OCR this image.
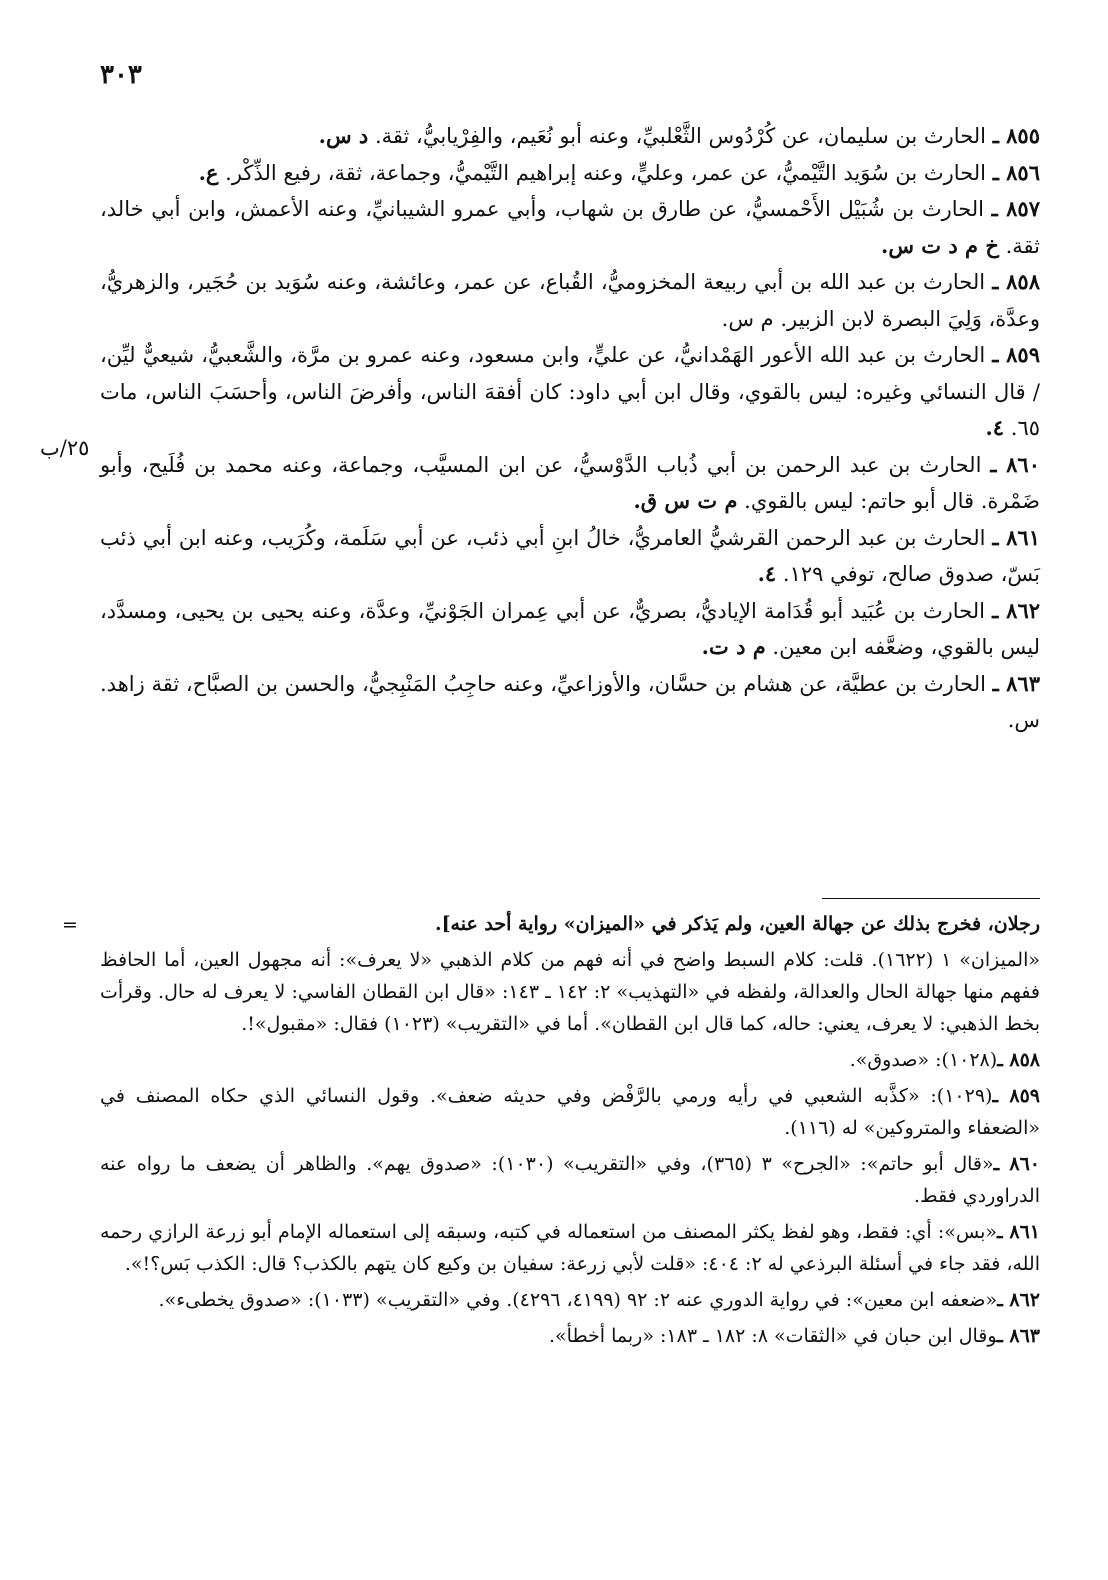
٣٠٣

٨٥٥ ـ الحارث بن سليمان، عن كُرْدُوس الثَّعْلبيِّ، وعنه أبو نُعَيم، والفِرْيابيُّ، ثقة. د س.

٨٥٦ ـ الحارث بن سُوَيد التَّيْميُّ، عن عمر، وعليٍّ، وعنه إبراهيم التَّيْميُّ، وجماعة، ثقة، رفيع الذِّكْر. ع.

٨٥٧ ـ الحارث بن شُبَيْل الأَحْمسيُّ، عن طارق بن شهاب، وأبي عمرو الشيبانيِّ، وعنه الأعمش، وابن أبي خالد، ثقة. خ م د ت س.

٨٥٨ ـ الحارث بن عبد الله بن أبي ربيعة المخزوميُّ، القُباع، عن عمر، وعائشة، وعنه سُوَيد بن حُجَير، والزهريُّ، وعدَّة، وَلِيَ البصرة لابن الزبير. م س.

٨٥٩ ـ الحارث بن عبد الله الأعور الهَمْدانيُّ، عن عليٍّ، وابن مسعود، وعنه عمرو بن مرَّة، والشَّعبيُّ، شيعيٌّ ليِّن، / قال النسائي وغيره: ليس بالقوي، وقال ابن أبي داود: كان أفقهَ الناس، وأفرضَ الناس، وأحسَبَ الناس، مات ٦٥. ٤.

٨٦٠ ـ الحارث بن عبد الرحمن بن أبي ذُباب الدَّوْسيُّ، عن ابن المسيَّب، وجماعة، وعنه محمد بن فُلَيح، وأبو ضَمْرة. قال أبو حاتم: ليس بالقوي. م ت س ق.

٨٦١ ـ الحارث بن عبد الرحمن القرشيُّ العامريُّ، خالُ ابنِ أبي ذئب، عن أبي سَلَمة، وكُرَيب، وعنه ابن أبي ذئب بَسّ، صدوق صالح، توفي ١٢٩. ٤.

٨٦٢ ـ الحارث بن عُبَيد أبو قُدَامة الإياديُّ، بصريٌّ، عن أبي عِمران الجَوْنيِّ، وعدَّة، وعنه يحيى بن يحيى، ومسدَّد، ليس بالقوي، وضعَّفه ابن معين. م د ت.

٨٦٣ ـ الحارث بن عطيَّة، عن هشام بن حسَّان، والأوزاعيِّ، وعنه حاجِبُ المَنْبِجيُّ، والحسن بن الصبَّاح، ثقة زاهد. س.

٢٥/ب
=	رجلان، فخرج بذلك عن جهالة العين، ولم يَذكر في «الميزان» رواية أحد عنه].

«الميزان» ١ (١٦٢٢). قلت: كلام السبط واضح في أنه فهم من كلام الذهبي «لا يعرف»: أنه مجهول العين، أما الحافظ ففهم منها جهالة الحال والعدالة، ولفظه في «التهذيب» ٢: ١٤٢ ـ ١٤٣: «قال ابن القطان الفاسي: لا يعرف له حال. وقرأت بخط الذهبي: لا يعرف، يعني: حاله، كما قال ابن القطان». أما في «التقريب» (١٠٢٣) فقال: «مقبول»!.

٨٥٨ ـ(١٠٢٨): «صدوق».

٨٥٩ ـ(١٠٢٩): «كذَّبه الشعبي في رأيه ورمي بالرَّفْض وفي حديثه ضعف». وقول النسائي الذي حكاه المصنف في «الضعفاء والمتروكين» له (١١٦).

٨٦٠ ـ«قال أبو حاتم»: «الجرح» ٣ (٣٦٥)، وفي «التقريب» (١٠٣٠): «صدوق يهم». والظاهر أن يضعف ما رواه عنه الدراوردي فقط.

٨٦١ ـ«بس»: أي: فقط، وهو لفظ يكثر المصنف من استعماله في كتبه، وسبقه إلى استعماله الإمام أبو زرعة الرازي رحمه الله، فقد جاء في أسئلة البرذعي له ٢: ٤٠٤: «قلت لأبي زرعة: سفيان بن وكيع كان يتهم بالكذب؟ قال: الكذب بَس؟!».

٨٦٢ ـ«ضعفه ابن معين»: في رواية الدوري عنه ٢: ٩٢ (٤١٩٩، ٤٢٩٦). وفي «التقريب» (١٠٣٣): «صدوق يخطىء».

٨٦٣ ـوقال ابن حبان في «الثقات» ٨: ١٨٢ ـ ١٨٣: «ربما أخطأ».
